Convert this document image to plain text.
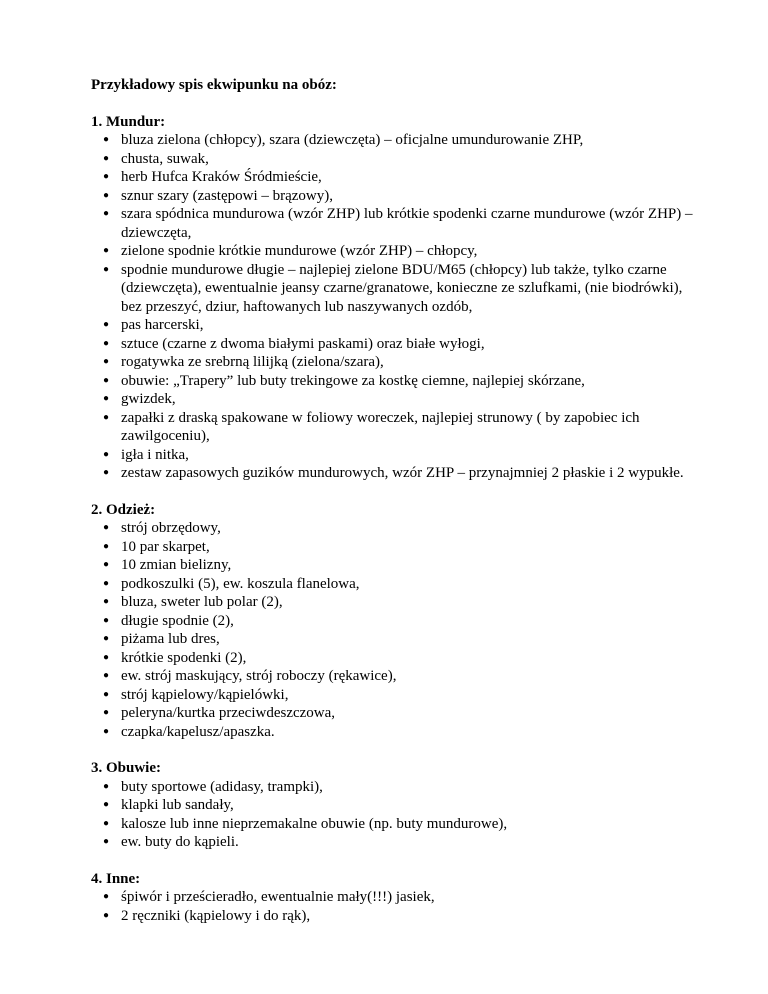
Przykładowy spis ekwipunku na obóz:
1. Mundur:
● bluza zielona (chłopcy), szara (dziewczęta) – oficjalne umundurowanie ZHP,
● chusta, suwak,
● herb Hufca Kraków Śródmieście,
● sznur szary (zastępowi – brązowy),
● szara spódnica mundurowa (wzór ZHP) lub krótkie spodenki czarne mundurowe (wzór ZHP) – dziewczęta,
● zielone spodnie krótkie mundurowe (wzór ZHP) – chłopcy,
● spodnie mundurowe długie – najlepiej zielone BDU/M65 (chłopcy) lub także, tylko czarne (dziewczęta), ewentualnie jeansy czarne/granatowe, konieczne ze szlufkami, (nie biodrówki), bez przeszyć, dziur, haftowanych lub naszywanych ozdób,
● pas harcerski,
● sztuce (czarne z dwoma białymi paskami) oraz białe wyłogi,
● rogatywka ze srebrną lilijką (zielona/szara),
● obuwie: „Trapery” lub buty trekingowe za kostkę ciemne, najlepiej skórzane,
● gwizdek,
● zapałki z draską spakowane w foliowy woreczek, najlepiej strunowy ( by zapobiec ich zawilgoceniu),
● igła i nitka,
● zestaw zapasowych guzików mundurowych, wzór ZHP – przynajmniej 2 płaskie i 2 wypukłe.
2. Odzież:
● strój obrzędowy,
● 10 par skarpet,
● 10 zmian bielizny,
● podkoszulki (5), ew. koszula flanelowa,
● bluza, sweter lub polar (2),
● długie spodnie (2),
● piżama lub dres,
● krótkie spodenki (2),
● ew. strój maskujący, strój roboczy (rękawice),
● strój kąpielowy/kąpielówki,
● peleryna/kurtka przeciwdeszczowa,
● czapka/kapelusz/apaszka.
3. Obuwie:
● buty sportowe (adidasy, trampki),
● klapki lub sandały,
● kalosze lub inne nieprzemakalne obuwie (np. buty mundurowe),
● ew. buty do kąpieli.
4. Inne:
● śpiwór i prześcieradło, ewentualnie mały(!!!) jasiek,
● 2 ręczniki (kąpielowy i do rąk),
